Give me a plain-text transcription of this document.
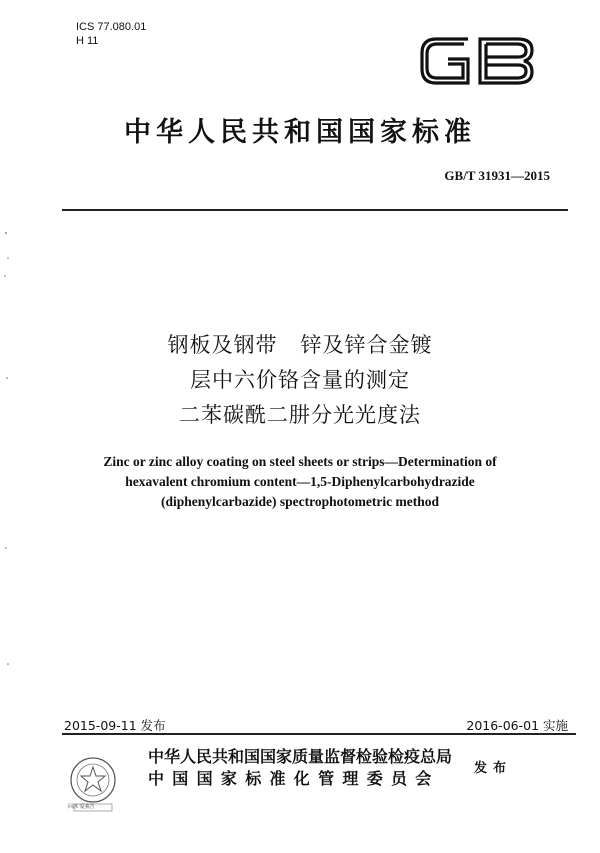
ICS 77.080.01
H 11
中华人民共和国国家标准
GB/T 31931—2015
钢板及钢带   锌及锌合金镀
层中六价铬含量的测定
二苯碳酰二肼分光光度法
Zinc or zinc alloy coating on steel sheets or strips—Determination of
hexavalent chromium content—1,5-Diphenylcarbohydrazide
(diphenylcarbazide) spectrophotometric method
2015-09-11 发布	2016-06-01 实施
回冰 爱我告
中华人民共和国国家质量监督检验检疫总局
中国国家标准化管理委员会
发布
